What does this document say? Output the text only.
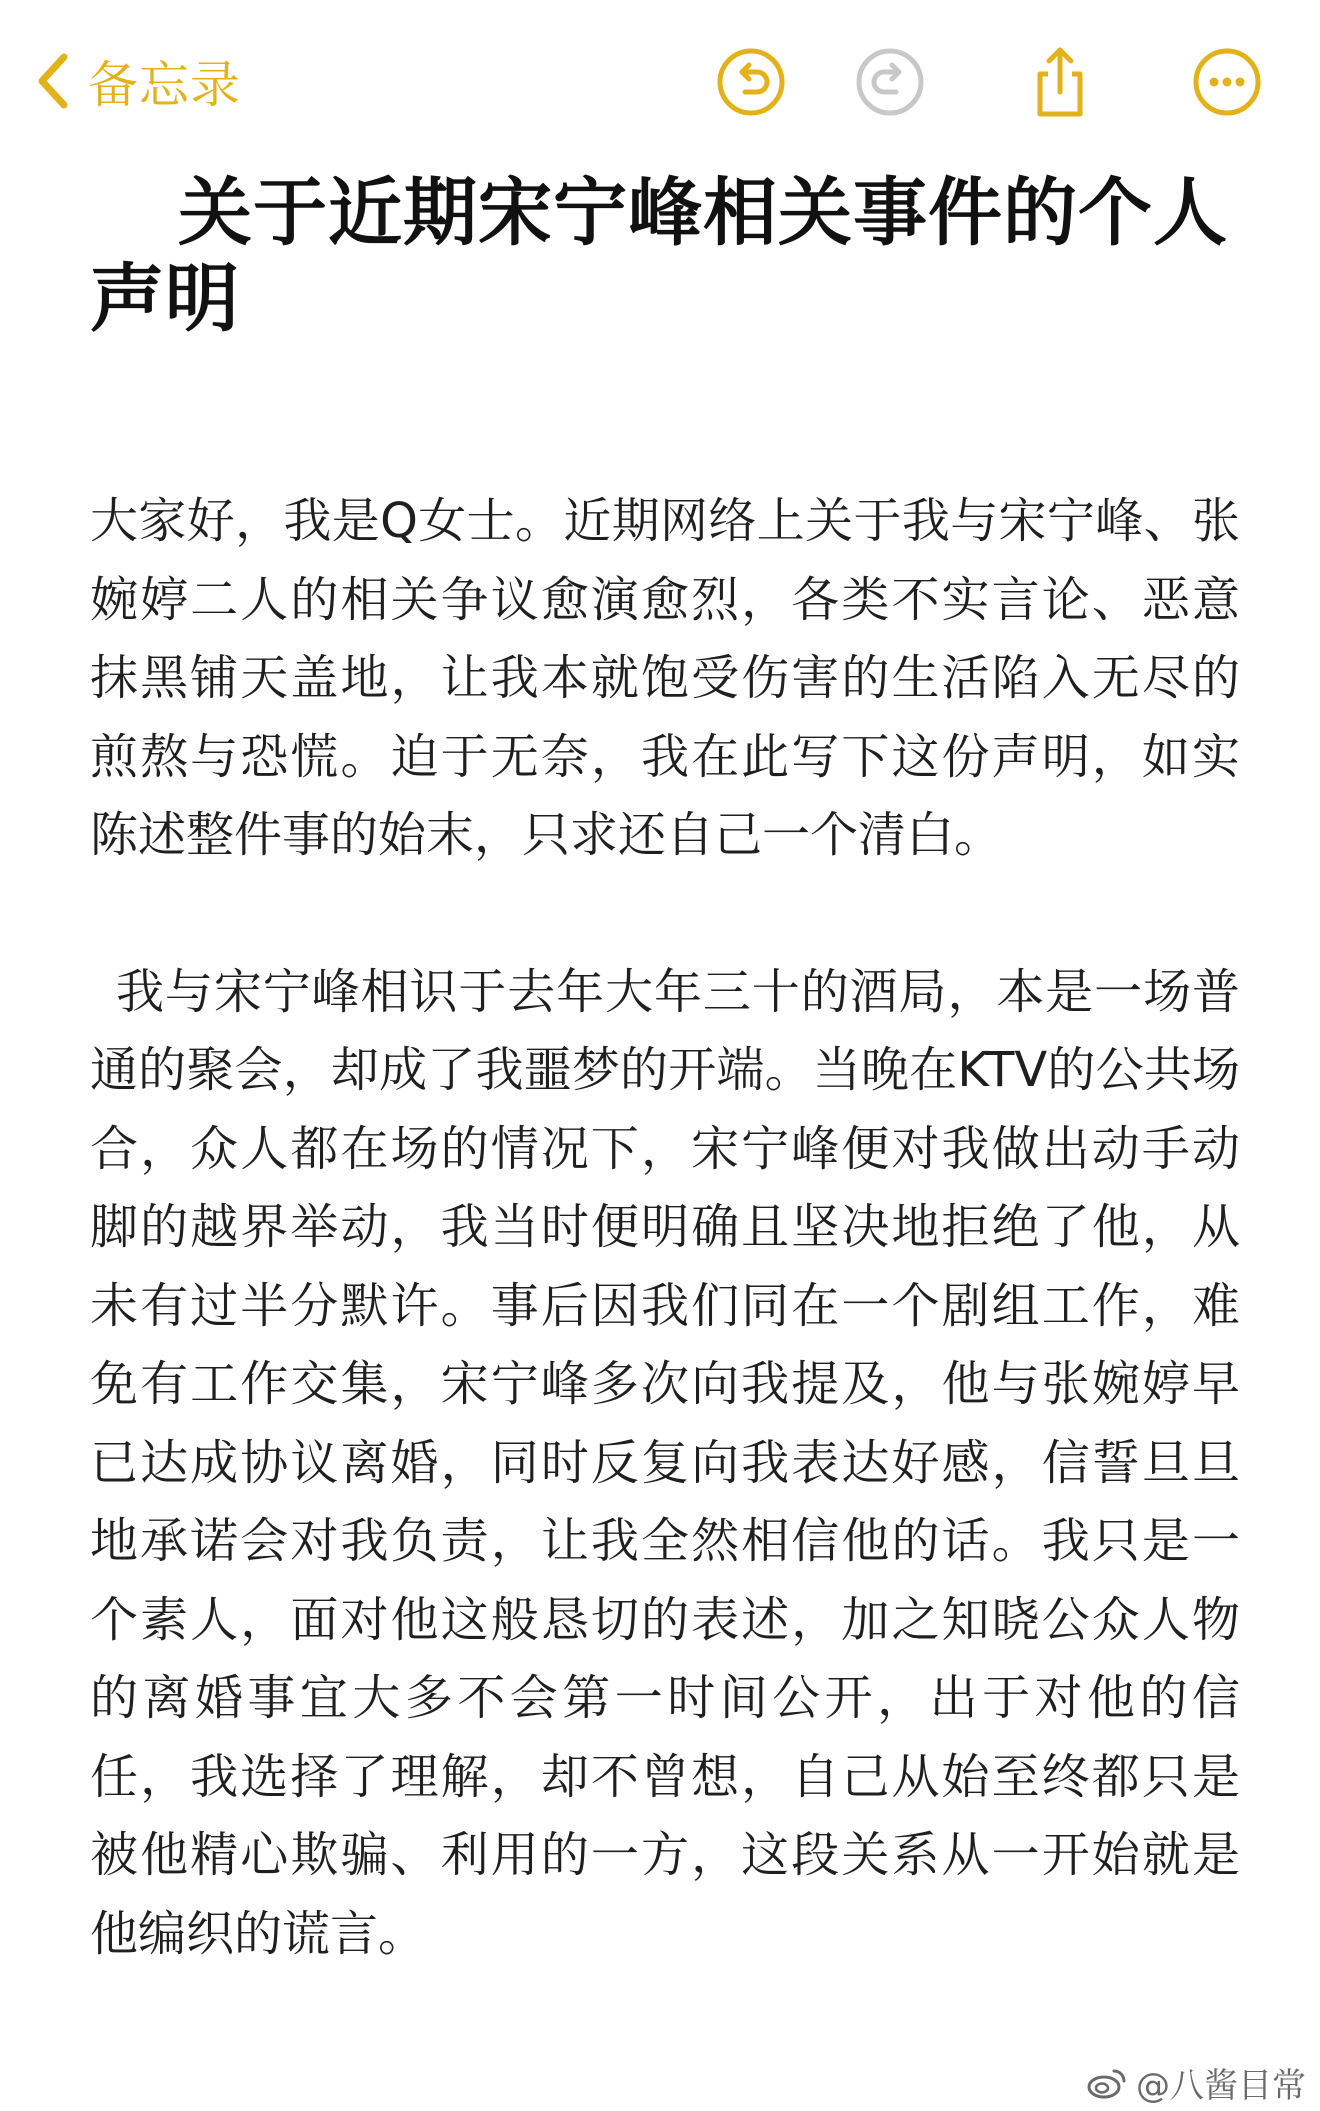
备忘录
关于近期宋宁峰相关事件的个人声明

大家好，我是Q女士。近期网络上关于我与宋宁峰、张婉婷二人的相关争议愈演愈烈，各类不实言论、恶意抹黑铺天盖地，让我本就饱受伤害的生活陷入无尽的煎熬与恐慌。迫于无奈，我在此写下这份声明，如实陈述整件事的始末，只求还自己一个清白。

我与宋宁峰相识于去年大年三十的酒局，本是一场普通的聚会，却成了我噩梦的开端。当晚在KTV的公共场合，众人都在场的情况下，宋宁峰便对我做出动手动脚的越界举动，我当时便明确且坚决地拒绝了他，从未有过半分默许。事后因我们同在一个剧组工作，难免有工作交集，宋宁峰多次向我提及，他与张婉婷早已达成协议离婚，同时反复向我表达好感，信誓旦旦地承诺会对我负责，让我全然相信他的话。我只是一个素人，面对他这般恳切的表述，加之知晓公众人物的离婚事宜大多不会第一时间公开，出于对他的信任，我选择了理解，却不曾想，自己从始至终都只是被他精心欺骗、利用的一方，这段关系从一开始就是他编织的谎言。

@八酱目常
